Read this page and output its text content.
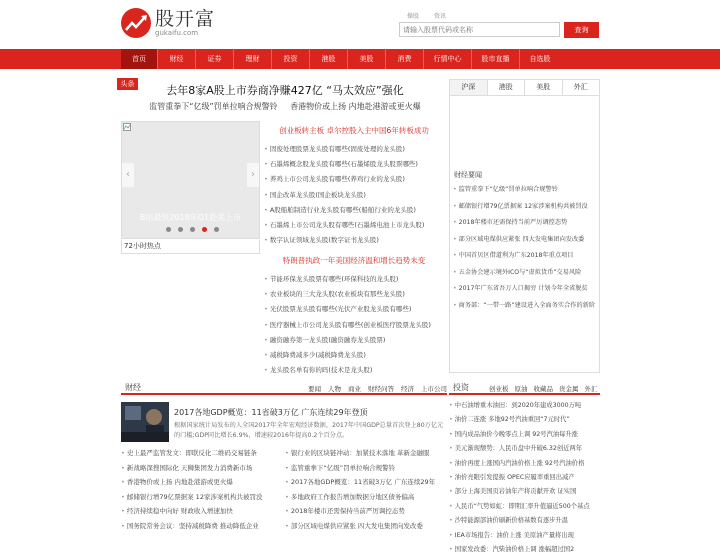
股开富
gukaifu.com
操股	资讯
请输入股票代码或名称
查询
首页	财经	证券	理财	投资	港股	美股	消费	行情中心	股市直播	自选股
头条	去年8家A股上市券商净赚427亿 “马太效应”强化
监管重拳下“亿级”罚单拉响合规警铃 香港物价或上扬 内地赴港游或更火爆
‹	›
B站最快2018年Q1赴美上市
72小时热点
创业板转主板 卓尔控股入主中国6年转板成功
• 固废处理股票龙头股有哪些(固废处理的龙头股)
• 石墨烯概念股龙头股有哪些(石墨烯股龙头股票哪些)
• 养鸡上市公司龙头股有哪些(养鸡行业的龙头股)
• 国企改革龙头股(国企板块龙头股)
• A股船舶制造行业龙头股有哪些(船舶行业的龙头股)
• 石墨烯上市公司龙头股有哪些(石墨烯电池上市龙头股)
• 数字认证领域龙头股(数字证书龙头股)
特朗普执政一年美国经济温和增长趋势未变
• 节能环保龙头股票有哪些(环保科技的龙头股)
• 农业板块的三大龙头股(农业板块有那些龙头股)
• 光伏股票龙头股有哪些(光伏产业股龙头股有哪些)
• 医疗器械上市公司龙头股有哪些(创业板医疗股票龙头股)
• 融资融券第一龙头股(融资融券龙头股票)
• 减税降费减多少(减税降费龙头股)
• 龙头股名单有你的吗(技术是龙头股)
沪深	港股	美股	外汇
财经要闻
• 监管重拳下“亿级”罚单拉响合规警铃
• 邮储银行增79亿票据案 12家涉案机构共被罚没
• 2018年楼市还需保持当前严厉调控态势
• 部分区域电煤供应紧张 四大发电集团向发改委
• 中国首贝区借道利为广东2018年重点项目
• 五金协会建示境外ICO与“虚拟货币”交易风险
• 2017年广东省吾万人口揭穷 计划今年全省脱贫
• 商务部：“一带一路”建设进入全面务实合作的新阶
财经	要闻 人物 商业 财经问答 经济 上市公司
2017各地GDP概览：11省破3万亿 广东连续29年登顶
根据国家统计局发布的人全国2017年全年宏观经济数据，2017年中国GDP总量首次登上80万亿元的门槛;GDP同比增长6.9%，增速较2016年提高0.2个百分点。
• 史上最严监管发文：即联反化二维码交易链条
• 新战略深搜国际化 天狮集团发力消费新市场
• 香港物价或上扬 内地赴港游或更火爆
• 邮储银行增79亿票据案 12家涉案机构共被罚没
• 经济持续稳中向好 财政收入增速加快
• 国务院常务会议：坚持减税降费 推动降低企业
• 银行业的区块链冲动：加紧技术落地 革新金融服
• 监管重拳下“亿级”罚单拉响合规警铃
• 2017各地GDP概览：11省破3万亿 广东连续29年
• 多地政府工作报告增加数据分地区债务偏高
• 2018年楼市还需保持当前严厉调控态势
• 部分区域电煤供应紧张 四大发电集团向发改委
投资	创业板 原油 收藏品 贵金属 外汇
• 中石油增重木油田：到2020年建成3000万吨
• 油价二连涨 多地92号汽油重回“7元时代”
• 国内成品油价今晚零点上调 92号汽油每升涨
• 美元渐现颓势：人民币盘中升破6.32创近两年
• 油价再度上涨国内汽油价格上涨 92号汽油价格
• 油价亮眼引发提振 OPEC应履率重回出减产
• 部分上海美国页岩油年产将贡献开欢 证实国
• 人民币“气势如虹：即期汇率升值逼近500个基点
• 沙特能源部油价刷新价格基数有逐步升温
• IEA市场报告：油价上涨 美原油产量将出现
• 国家发改委：汽柴油价格上调 涨幅超过国2
